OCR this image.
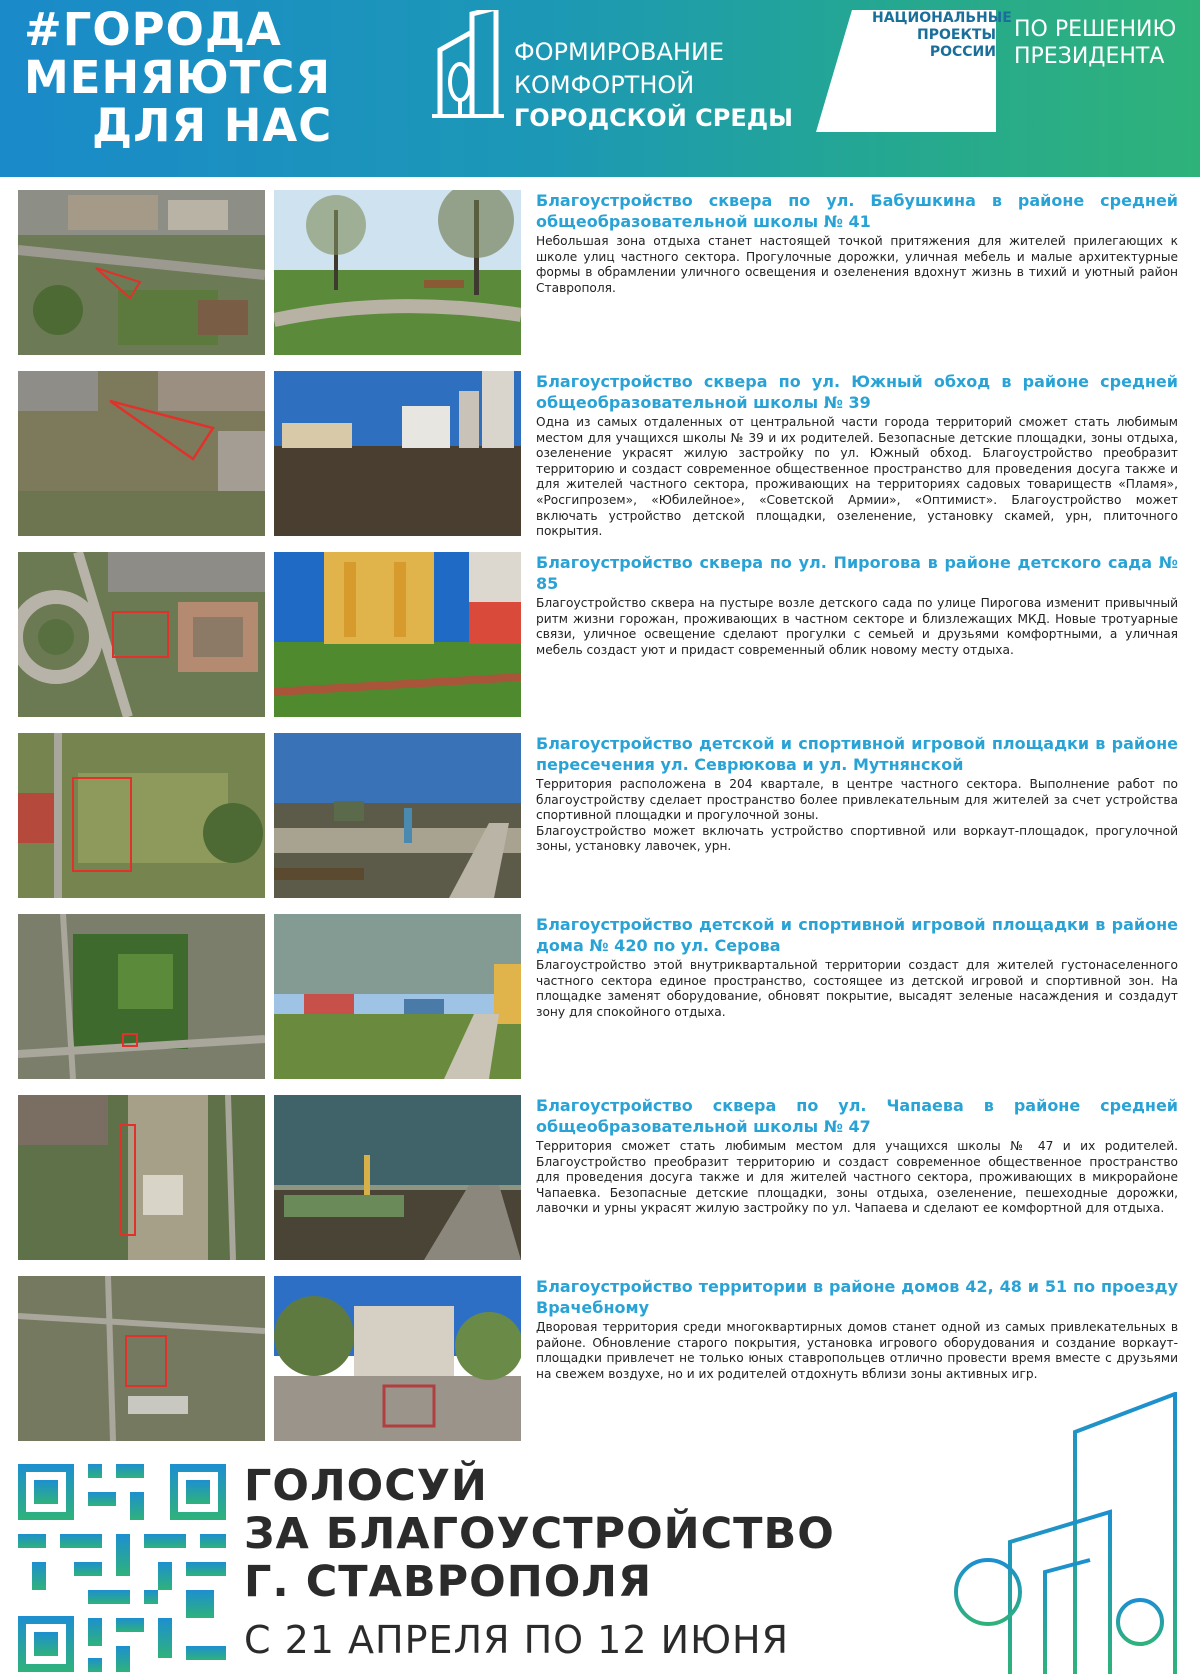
#ГОРОДА
МЕНЯЮТСЯ
ДЛЯ НАС
ФОРМИРОВАНИЕ
КОМФОРТНОЙ
ГОРОДСКОЙ СРЕДЫ
НАЦИОНАЛЬНЫЕ
ПРОЕКТЫ
РОССИИ
ПО РЕШЕНИЮ
ПРЕЗИДЕНТА

Благоустройство сквера по ул. Бабушкина в районе средней общеобразовательной школы № 41

Небольшая зона отдыха станет настоящей точкой притяжения для жителей прилегающих к школе улиц частного сектора. Прогулочные дорожки, уличная мебель и малые архитектурные формы в обрамлении уличного освещения и озеленения вдохнут жизнь в тихий и уютный район Ставрополя.

Благоустройство сквера по ул. Южный обход в районе средней общеобразовательной школы № 39

Одна из самых отдаленных от центральной части города территорий сможет стать любимым местом для учащихся школы № 39 и их родителей. Безопасные детские площадки, зоны отдыха, озеленение украсят жилую застройку по ул. Южный обход. Благоустройство преобразит территорию и создаст современное общественное пространство для проведения досуга также и для жителей частного сектора, проживающих на территориях садовых товариществ «Пламя», «Росгипрозем», «Юбилейное», «Советской Армии», «Оптимист». Благоустройство может включать устройство детской площадки, озеленение, установку скамей, урн, плиточного покрытия.

Благоустройство сквера по ул. Пирогова в районе детского сада № 85

Благоустройство сквера на пустыре возле детского сада по улице Пирогова изменит привычный ритм жизни горожан, проживающих в частном секторе и близлежащих МКД. Новые тротуарные связи, уличное освещение сделают прогулки с семьей и друзьями комфортными, а уличная мебель создаст уют и придаст современный облик новому месту отдыха.

Благоустройство детской и спортивной игровой площадки в районе пересечения ул. Севрюкова и ул. Мутнянской

Территория расположена в 204 квартале, в центре частного сектора. Выполнение работ по благоустройству сделает пространство более привлекательным для жителей за счет устройства спортивной площадки и прогулочной зоны.
Благоустройство может включать устройство спортивной или воркаут-площадок, прогулочной зоны, установку лавочек, урн.

Благоустройство детской и спортивной игровой площадки в районе дома № 420 по ул. Серова

Благоустройство этой внутриквартальной территории создаст для жителей густонаселенного частного сектора единое пространство, состоящее из детской игровой и спортивной зон. На площадке заменят оборудование, обновят покрытие, высадят зеленые насаждения и создадут зону для спокойного отдыха.

Благоустройство сквера по ул. Чапаева в районе средней общеобразовательной школы № 47

Территория сможет стать любимым местом для учащихся школы № 47 и их родителей. Благоустройство преобразит территорию и создаст современное общественное пространство для проведения досуга также и для жителей частного сектора, проживающих в микрорайоне Чапаевка. Безопасные детские площадки, зоны отдыха, озеленение, пешеходные дорожки, лавочки и урны украсят жилую застройку по ул. Чапаева и сделают ее комфортной для отдыха.

Благоустройство территории в районе домов 42, 48 и 51 по проезду Врачебному

Дворовая территория среди многоквартирных домов станет одной из самых привлекательных в районе. Обновление старого покрытия, установка игрового оборудования и создание воркаут-площадки привлечет не только юных ставропольцев отлично провести время вместе с друзьями на свежем воздухе, но и их родителей отдохнуть вблизи зоны активных игр.

ГОЛОСУЙ
ЗА БЛАГОУСТРОЙСТВО
Г. СТАВРОПОЛЯ
С 21 АПРЕЛЯ ПО 12 ИЮНЯ
